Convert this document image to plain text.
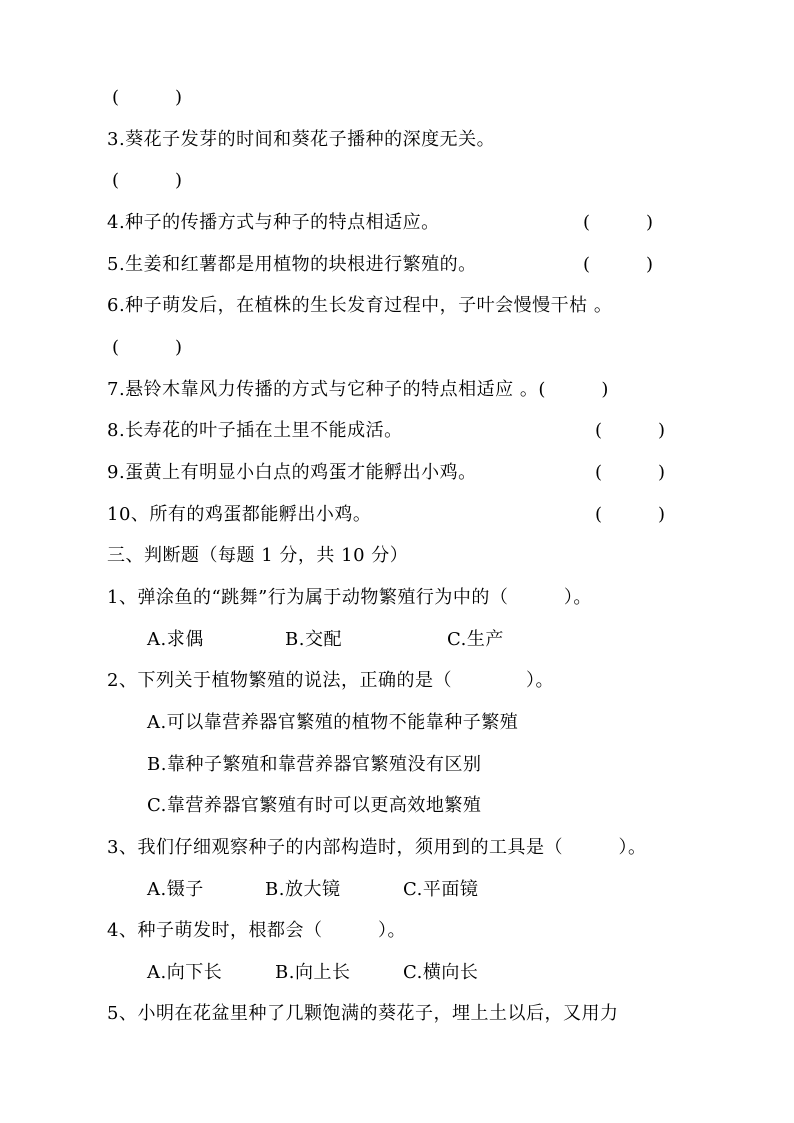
(　　　)
3.葵花子发芽的时间和葵花子播种的深度无关。
(　　　)
4.种子的传播方式与种子的特点相适应。	(　　　)
5.生姜和红薯都是用植物的块根进行繁殖的。	(　　　)
6.种子萌发后，在植株的生长发育过程中，子叶会慢慢干枯 。
(　　　)
7.悬铃木靠风力传播的方式与它种子的特点相适应 。(　　　)
8.长寿花的叶子插在土里不能成活。	(　　　)
9.蛋黄上有明显小白点的鸡蛋才能孵出小鸡。	(　　　)
10、所有的鸡蛋都能孵出小鸡。	(　　　)
三、判断题（每题 1 分，共 10 分）
1、弹涂鱼的“跳舞”行为属于动物繁殖行为中的（　　　）。
A.求偶	B.交配	C.生产
2、下列关于植物繁殖的说法，正确的是（　　　　）。
A.可以靠营养器官繁殖的植物不能靠种子繁殖
B.靠种子繁殖和靠营养器官繁殖没有区别
C.靠营养器官繁殖有时可以更高效地繁殖
3、我们仔细观察种子的内部构造时，须用到的工具是（　　　）。
A.镊子	B.放大镜	C.平面镜
4、种子萌发时，根都会（　　　）。
A.向下长	B.向上长	C.横向长
5、小明在花盆里种了几颗饱满的葵花子，埋上土以后，又用力
